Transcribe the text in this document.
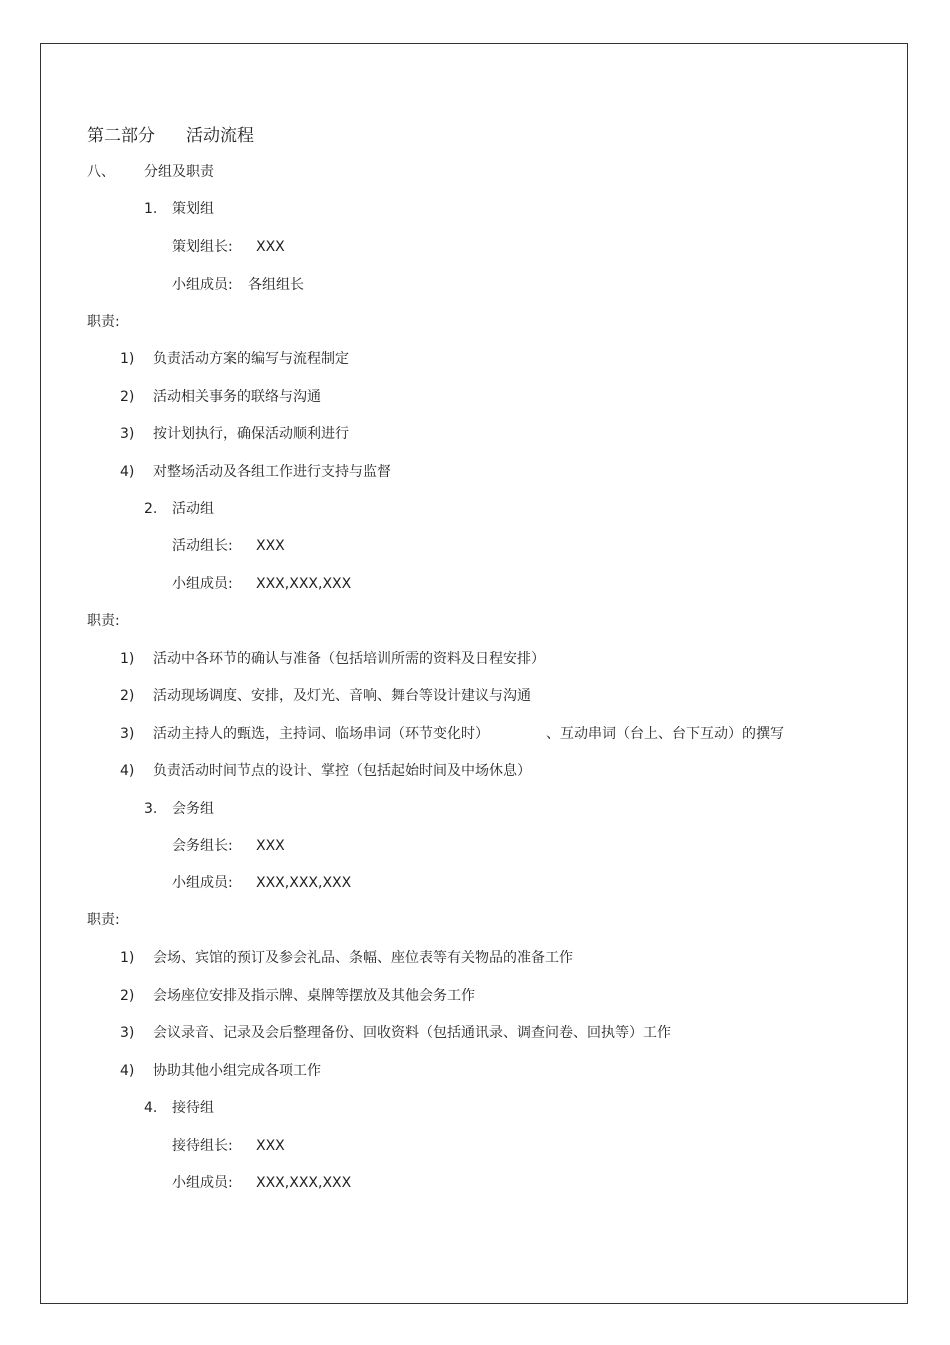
第二部分 活动流程
八、 分组及职责
1. 策划组
策划组长: XXX
小组成员: 各组组长
职责:
1) 负责活动方案的编写与流程制定
2) 活动相关事务的联络与沟通
3) 按计划执行，确保活动顺利进行
4) 对整场活动及各组工作进行支持与监督
2. 活动组
活动组长: XXX
小组成员: XXX,XXX,XXX
职责:
1) 活动中各环节的确认与准备（包括培训所需的资料及日程安排）
2) 活动现场调度、安排，及灯光、音响、舞台等设计建议与沟通
3) 活动主持人的甄选，主持词、临场串词（环节变化时）	、互动串词（台上、台下互动）的撰写
4) 负责活动时间节点的设计、掌控（包括起始时间及中场休息）
3. 会务组
会务组长: XXX
小组成员: XXX,XXX,XXX
职责:
1) 会场、宾馆的预订及参会礼品、条幅、座位表等有关物品的准备工作
2) 会场座位安排及指示牌、桌牌等摆放及其他会务工作
3) 会议录音、记录及会后整理备份、回收资料（包括通讯录、调查问卷、回执等）工作
4) 协助其他小组完成各项工作
4. 接待组
接待组长: XXX
小组成员: XXX,XXX,XXX
